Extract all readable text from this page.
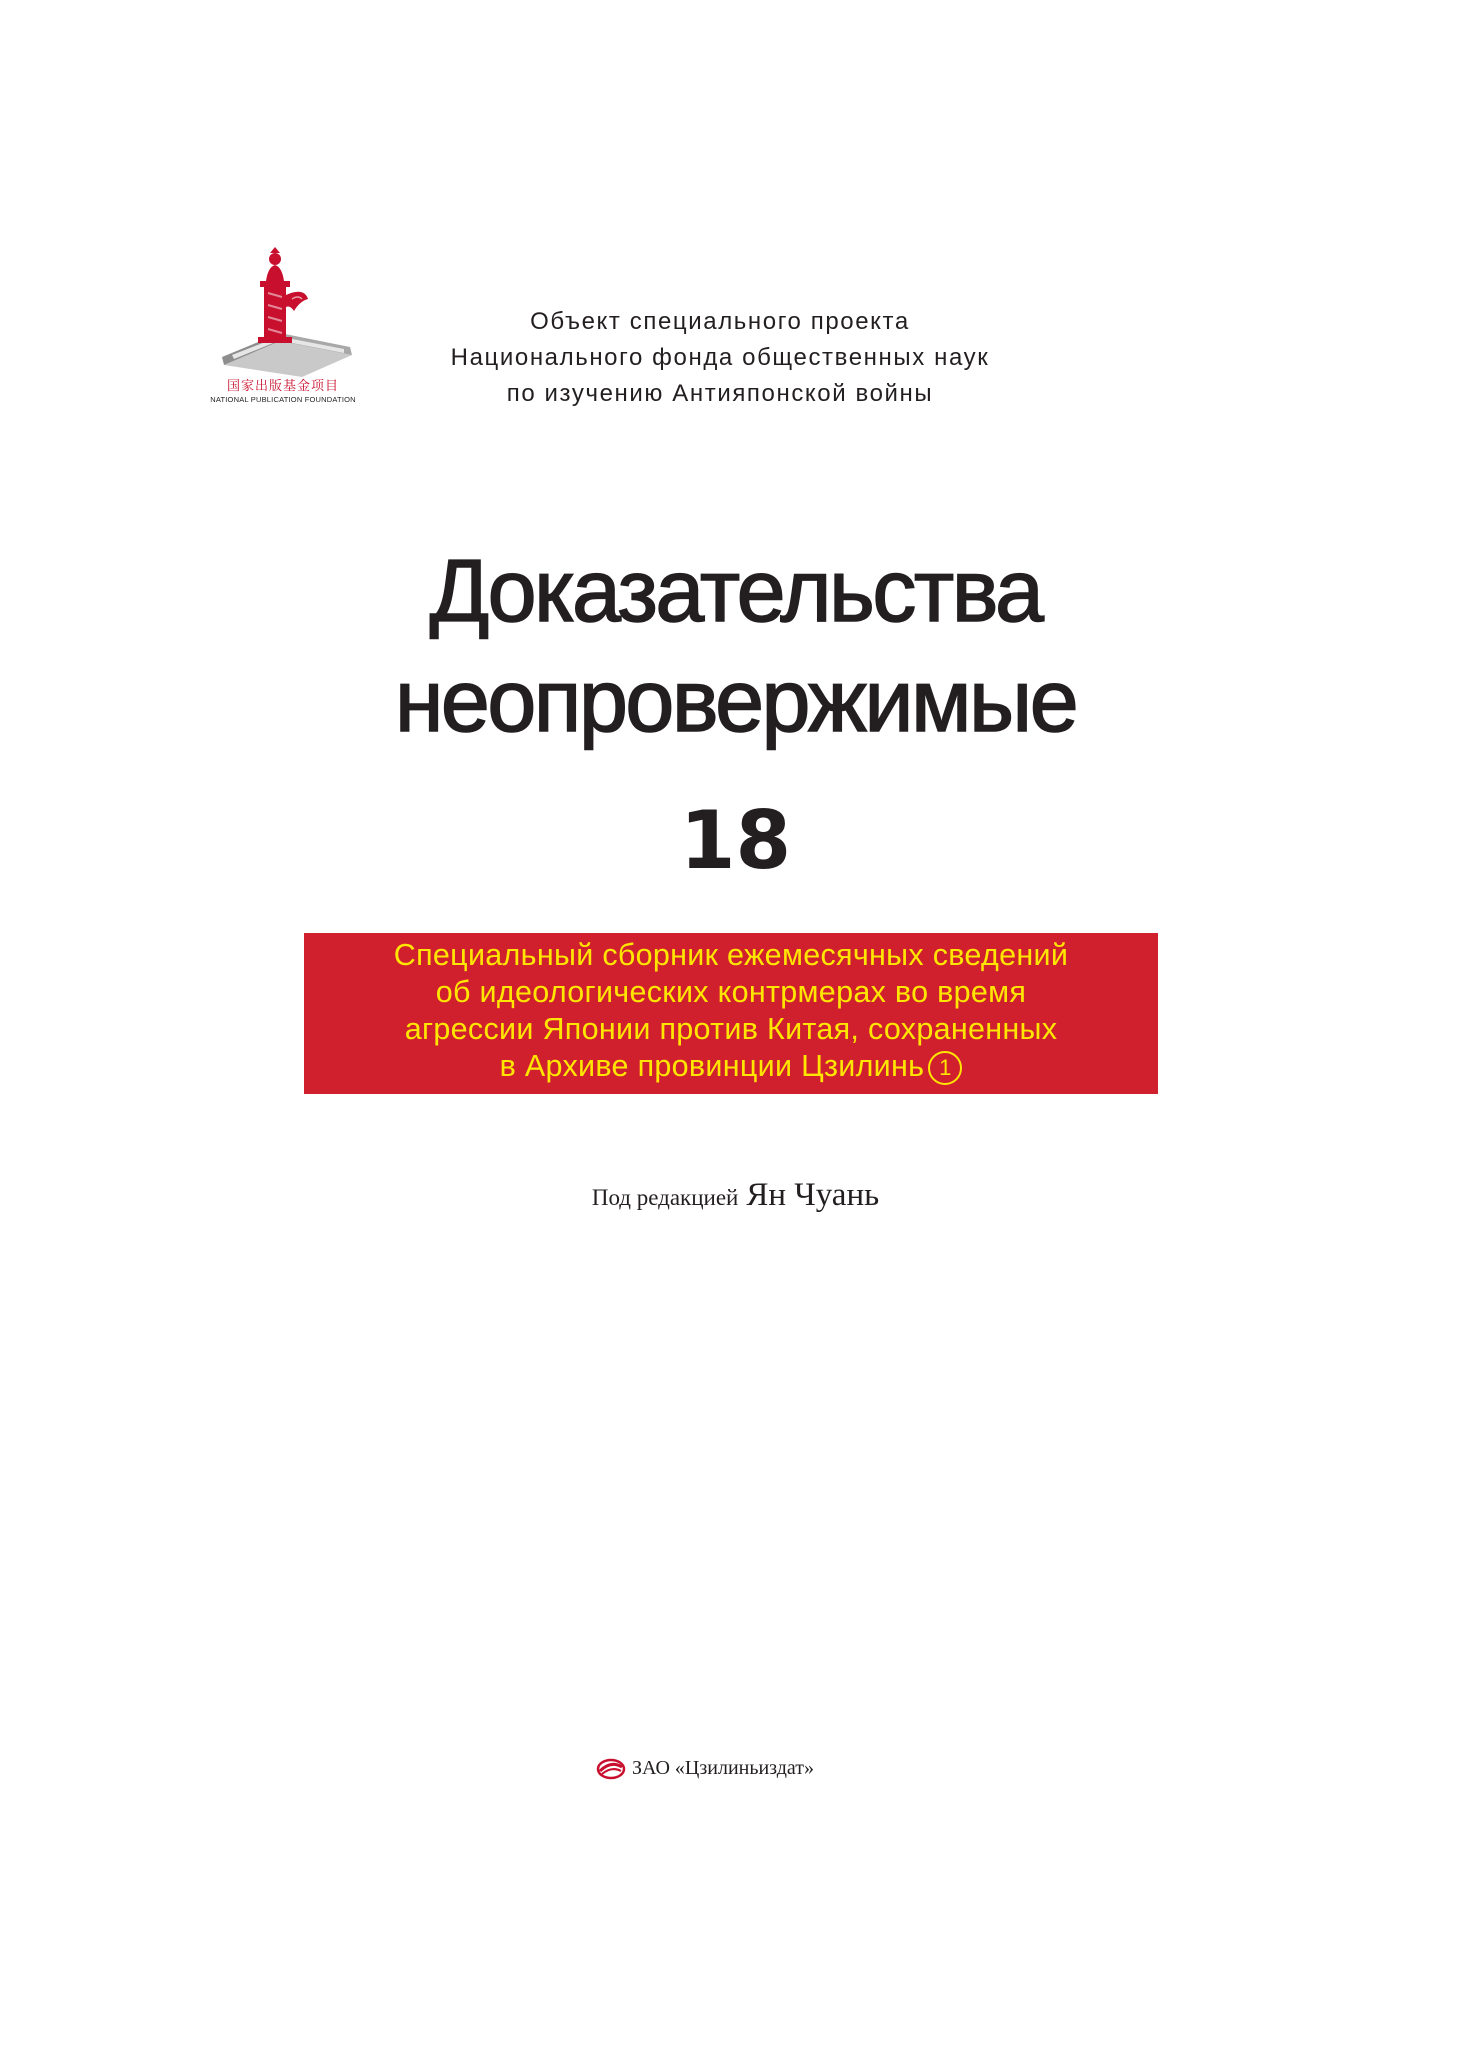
国家出版基金项目
NATIONAL PUBLICATION FOUNDATION
Объект специального проекта
Национального фонда общественных наук
по изучению Антияпонской войны
Доказательства
неопровержимые
18
Специальный сборник ежемесячных сведений
об идеологических контрмерах во время
агрессии Японии против Китая, сохраненных
в Архиве провинции Цзилинь 1
Под редакцией Ян Чуань
ЗАО «Цзилиньиздат»
